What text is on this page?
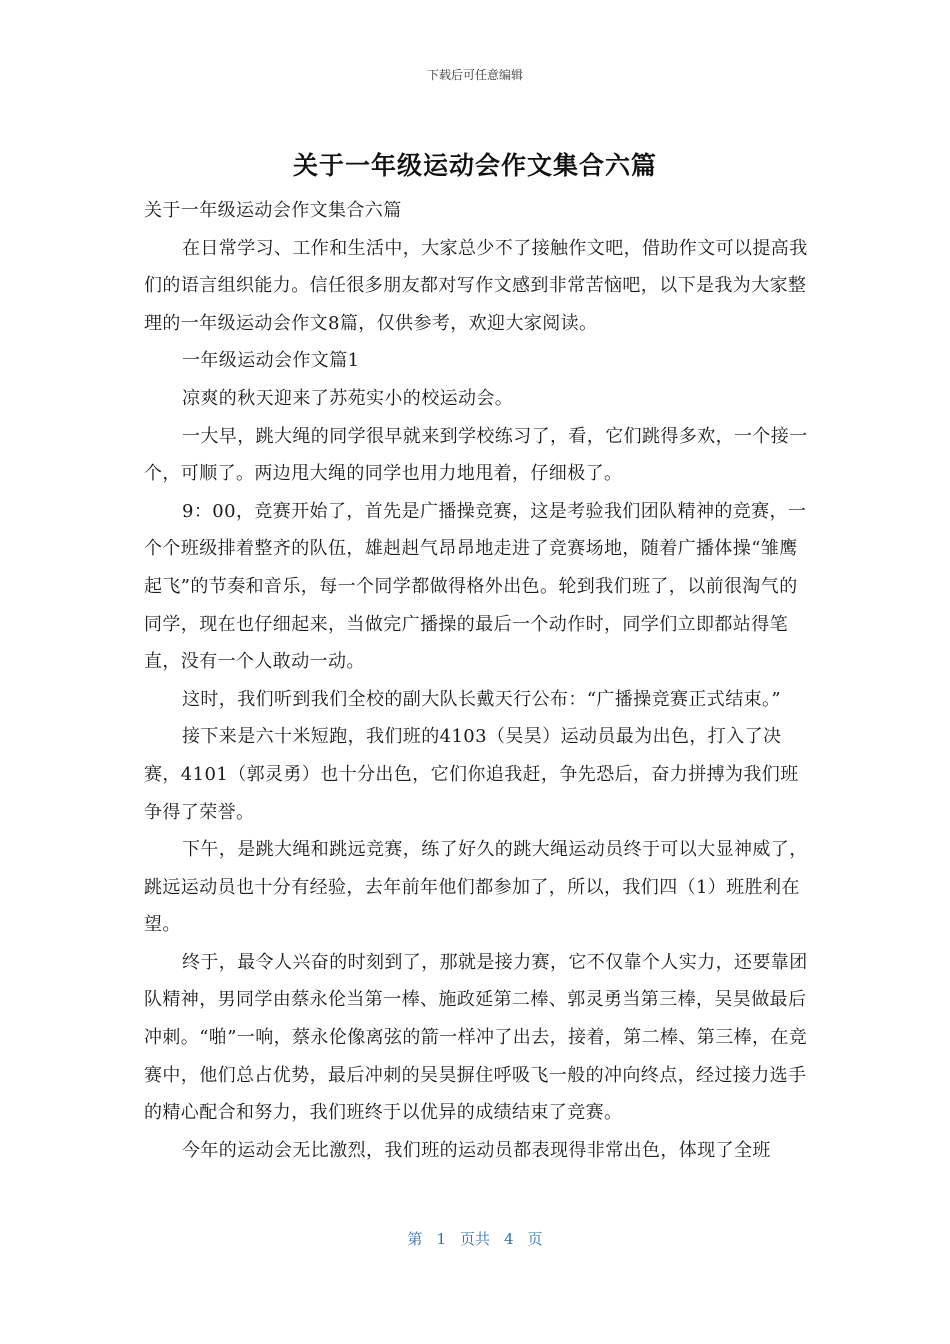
下载后可任意编辑
关于一年级运动会作文集合六篇

关于一年级运动会作文集合六篇

在日常学习、工作和生活中，大家总少不了接触作文吧，借助作文可以提高我们的语言组织能力。信任很多朋友都对写作文感到非常苦恼吧，以下是我为大家整理的一年级运动会作文8篇，仅供参考，欢迎大家阅读。

一年级运动会作文篇1

凉爽的秋天迎来了苏苑实小的校运动会。

一大早，跳大绳的同学很早就来到学校练习了，看，它们跳得多欢，一个接一个，可顺了。两边甩大绳的同学也用力地甩着，仔细极了。

9：00，竞赛开始了，首先是广播操竞赛，这是考验我们团队精神的竞赛，一个个班级排着整齐的队伍，雄赳赳气昂昂地走进了竞赛场地，随着广播体操“雏鹰起飞”的节奏和音乐，每一个同学都做得格外出色。轮到我们班了，以前很淘气的同学，现在也仔细起来，当做完广播操的最后一个动作时，同学们立即都站得笔直，没有一个人敢动一动。

这时，我们听到我们全校的副大队长戴天行公布：“广播操竞赛正式结束。”

接下来是六十米短跑，我们班的4103（吴昊）运动员最为出色，打入了决赛，4101（郭灵勇）也十分出色，它们你追我赶，争先恐后，奋力拼搏为我们班争得了荣誉。

下午，是跳大绳和跳远竞赛，练了好久的跳大绳运动员终于可以大显神威了，跳远运动员也十分有经验，去年前年他们都参加了，所以，我们四（1）班胜利在望。

终于，最令人兴奋的时刻到了，那就是接力赛，它不仅靠个人实力，还要靠团队精神，男同学由蔡永伦当第一棒、施政延第二棒、郭灵勇当第三棒，吴昊做最后冲刺。“啪”一响，蔡永伦像离弦的箭一样冲了出去，接着，第二棒、第三棒，在竞赛中，他们总占优势，最后冲刺的吴昊摒住呼吸飞一般的冲向终点，经过接力选手的精心配合和努力，我们班终于以优异的成绩结束了竞赛。

今年的运动会无比激烈，我们班的运动员都表现得非常出色，体现了全班

第 1 页共 4 页
